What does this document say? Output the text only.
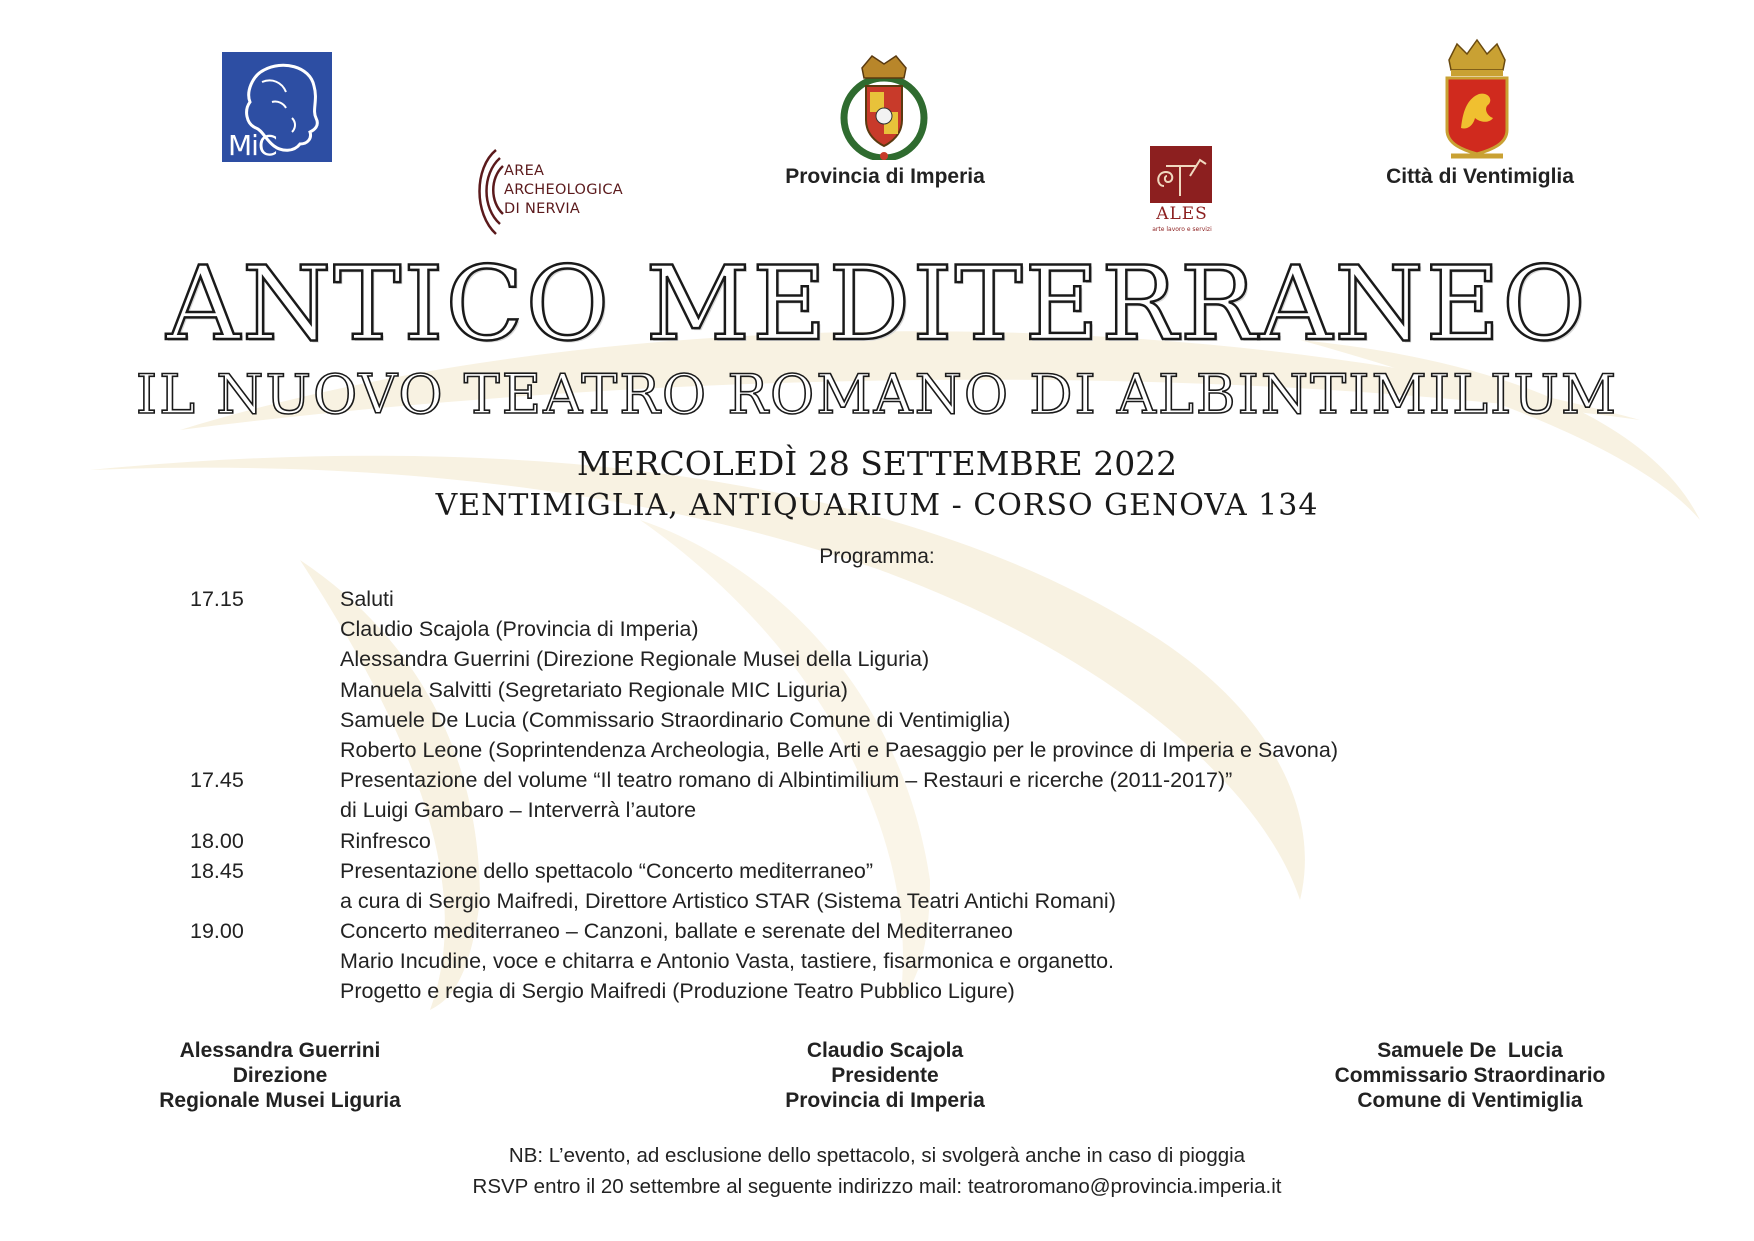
MiC
AREA
ARCHEOLOGICA
DI NERVIA
Provincia di Imperia
ALES
arte lavoro e servizi
Città di Ventimiglia
ANTICO MEDITERRANEO
IL NUOVO TEATRO ROMANO DI ALBINTIMILIUM
MERCOLEDÌ 28 SETTEMBRE 2022
VENTIMIGLIA, ANTIQUARIUM - CORSO GENOVA 134
Programma:
17.15	Saluti
Claudio Scajola (Provincia di Imperia)
Alessandra Guerrini (Direzione Regionale Musei della Liguria)
Manuela Salvitti (Segretariato Regionale MIC Liguria)
Samuele De Lucia (Commissario Straordinario Comune di Ventimiglia)
Roberto Leone (Soprintendenza Archeologia, Belle Arti e Paesaggio per le province di Imperia e Savona)
17.45	Presentazione del volume “Il teatro romano di Albintimilium – Restauri e ricerche (2011-2017)”
di Luigi Gambaro – Interverrà l’autore
18.00	Rinfresco
18.45	Presentazione dello spettacolo “Concerto mediterraneo”
a cura di Sergio Maifredi, Direttore Artistico STAR (Sistema Teatri Antichi Romani)
19.00	Concerto mediterraneo – Canzoni, ballate e serenate del Mediterraneo
Mario Incudine, voce e chitarra e Antonio Vasta, tastiere, fisarmonica e organetto.
Progetto e regia di Sergio Maifredi (Produzione Teatro Pubblico Ligure)
Alessandra Guerrini
Direzione
Regionale Musei Liguria
Claudio Scajola
Presidente
Provincia di Imperia
Samuele De  Lucia
Commissario Straordinario
Comune di Ventimiglia
NB: L’evento, ad esclusione dello spettacolo, si svolgerà anche in caso di pioggia
RSVP entro il 20 settembre al seguente indirizzo mail: teatroromano@provincia.imperia.it
